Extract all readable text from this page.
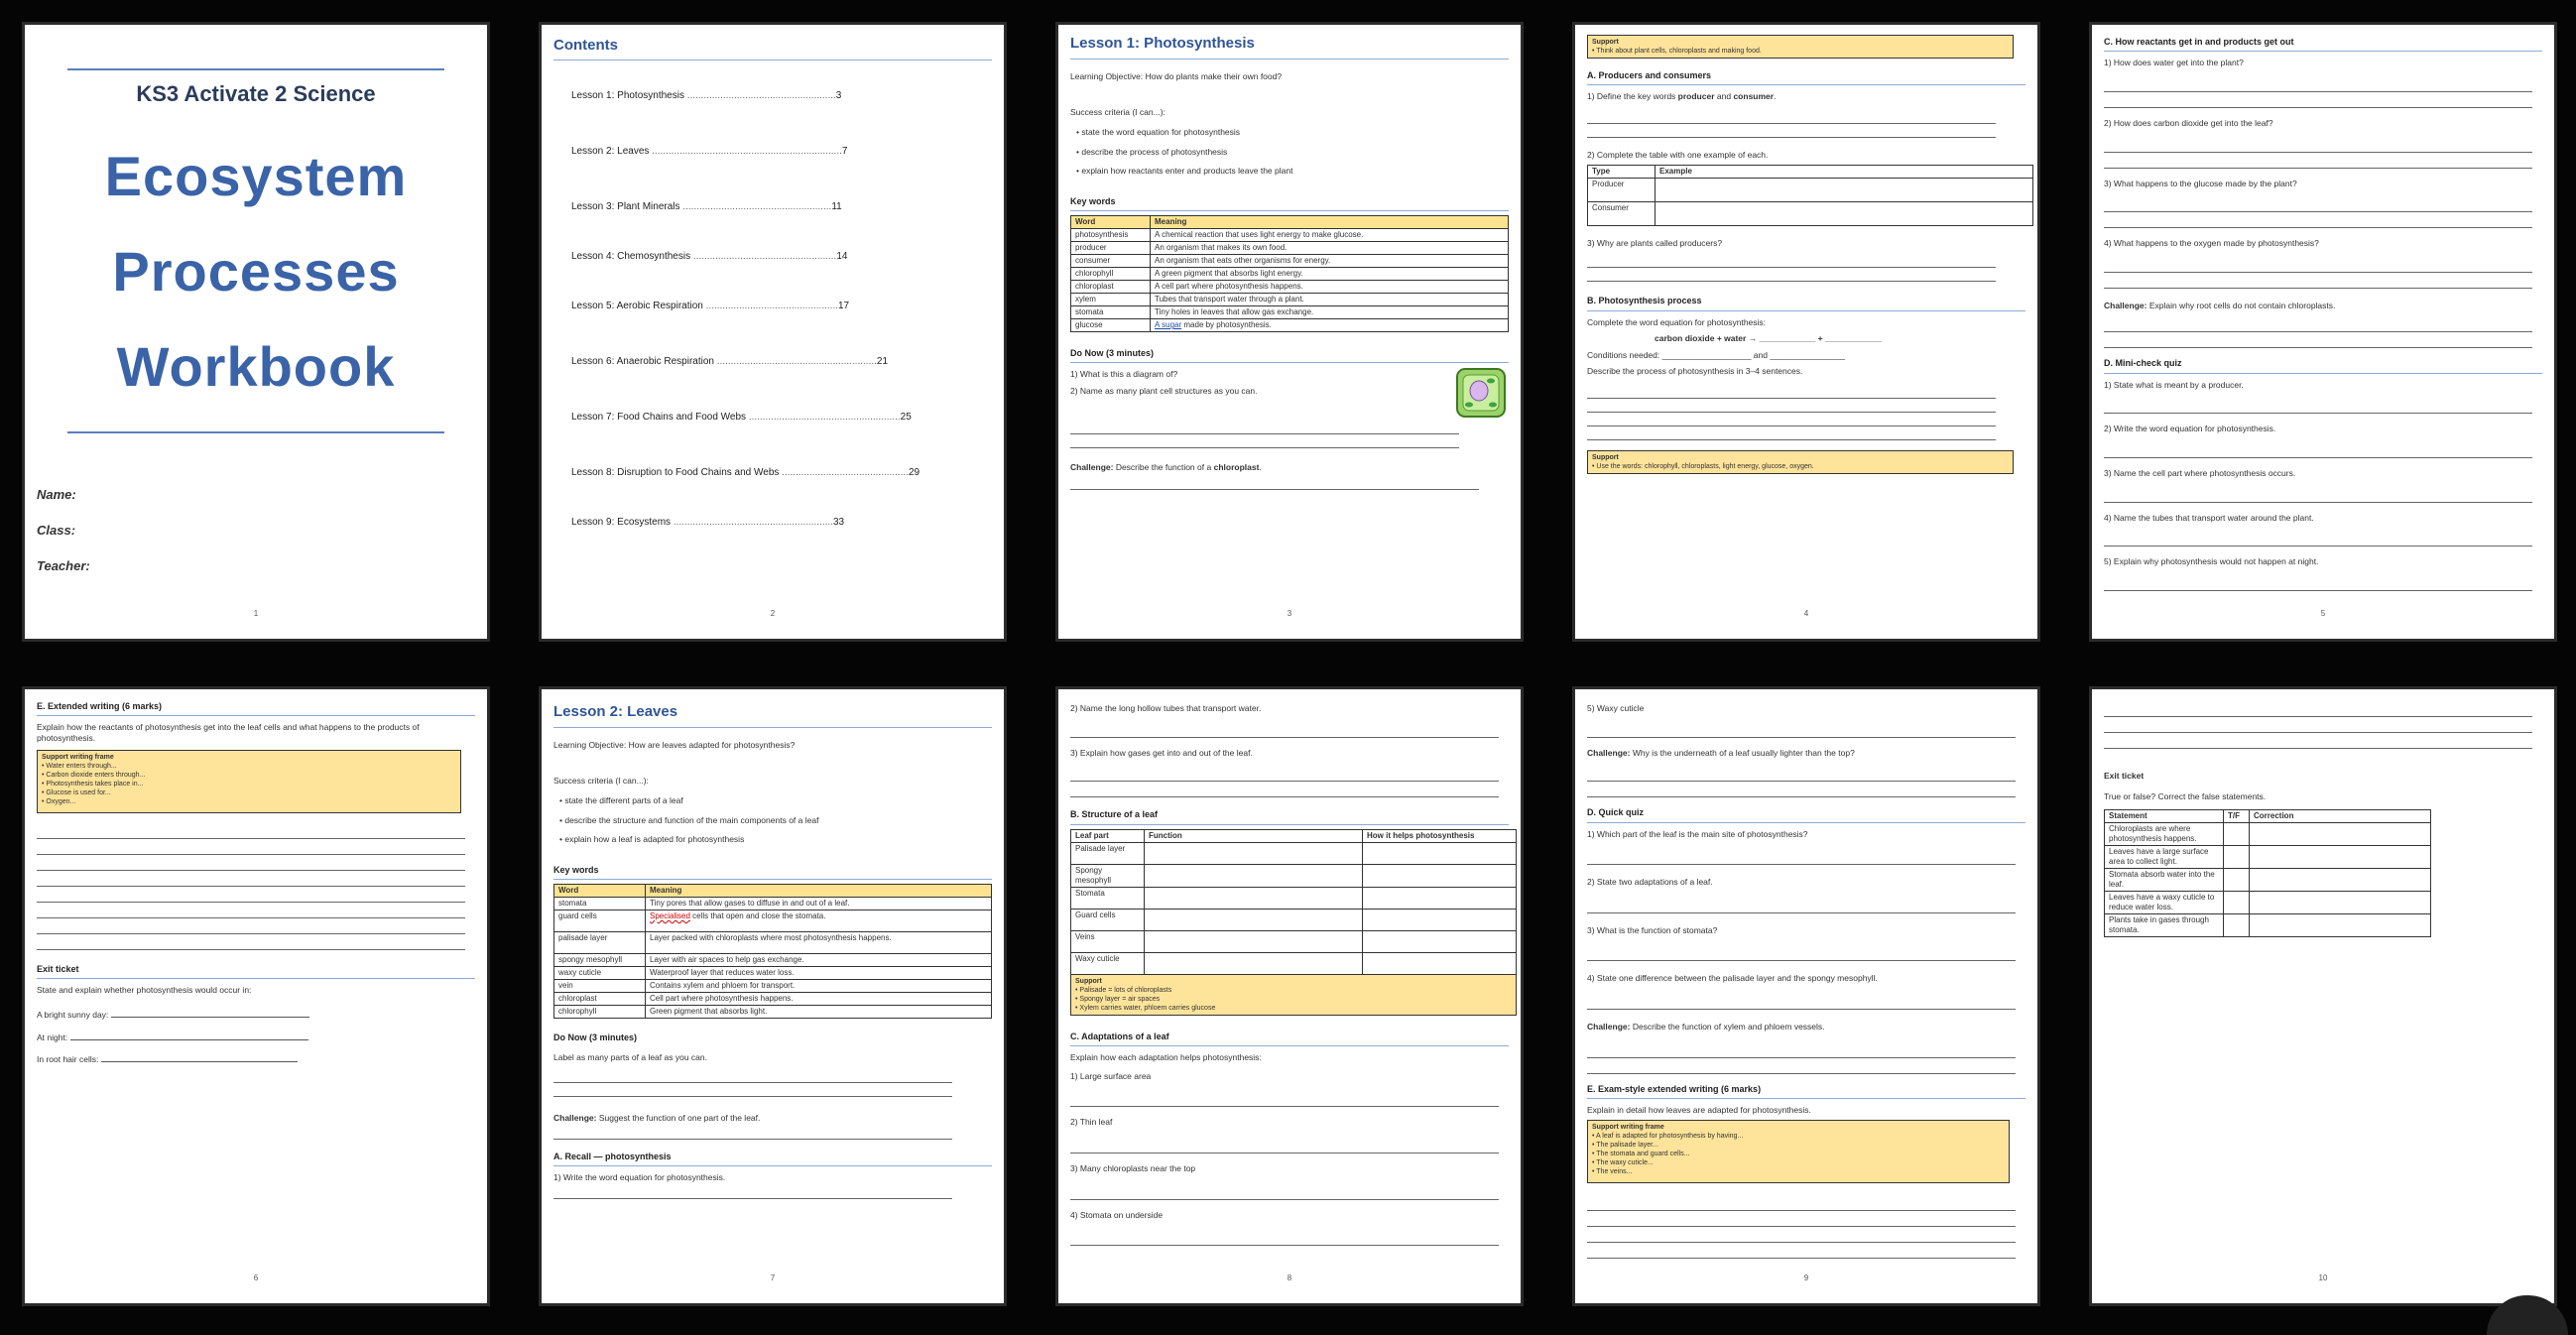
KS3 Activate 2 Science
Ecosystem
Processes
Workbook
Name:
Class:
Teacher:
1
Contents
Lesson 1: Photosynthesis ......................................................3
Lesson 2: Leaves .....................................................................7
Lesson 3: Plant Minerals ......................................................11
Lesson 4: Chemosynthesis ....................................................14
Lesson 5: Aerobic Respiration ................................................17
Lesson 6: Anaerobic Respiration ..........................................................21
Lesson 7: Food Chains and Food Webs .......................................................25
Lesson 8: Disruption to Food Chains and Webs ..............................................29
Lesson 9: Ecosystems ..........................................................33
2
Lesson 1: Photosynthesis
Learning Objective: How do plants make their own food?
Success criteria (I can...):
• state the word equation for photosynthesis
• describe the process of photosynthesis
• explain how reactants enter and products leave the plant
Key words
Word	Meaning
photosynthesis	A chemical reaction that uses light energy to make glucose.
producer	An organism that makes its own food.
consumer	An organism that eats other organisms for energy.
chlorophyll	A green pigment that absorbs light energy.
chloroplast	A cell part where photosynthesis happens.
xylem	Tubes that transport water through a plant.
stomata	Tiny holes in leaves that allow gas exchange.
glucose	A sugar made by photosynthesis.
Do Now (3 minutes)
1) What is this a diagram of?
2) Name as many plant cell structures as you can.
Challenge: Describe the function of a chloroplast.
3
Support
• Think about plant cells, chloroplasts and making food.
A. Producers and consumers
1) Define the key words producer and consumer.
2) Complete the table with one example of each.
Type	Example
Producer	
Consumer	
3) Why are plants called producers?
B. Photosynthesis process
Complete the word equation for photosynthesis:
carbon dioxide + water → ____________ + ____________
Conditions needed: ___________________ and ________________
Describe the process of photosynthesis in 3–4 sentences.
Support
• Use the words: chlorophyll, chloroplasts, light energy, glucose, oxygen.
4
C. How reactants get in and products get out
1) How does water get into the plant?
2) How does carbon dioxide get into the leaf?
3) What happens to the glucose made by the plant?
4) What happens to the oxygen made by photosynthesis?
Challenge: Explain why root cells do not contain chloroplasts.
D. Mini-check quiz
1) State what is meant by a producer.
2) Write the word equation for photosynthesis.
3) Name the cell part where photosynthesis occurs.
4) Name the tubes that transport water around the plant.
5) Explain why photosynthesis would not happen at night.
5
E. Extended writing (6 marks)
Explain how the reactants of photosynthesis get into the leaf cells and what happens to the products of photosynthesis.
Support writing frame
• Water enters through...
• Carbon dioxide enters through...
• Photosynthesis takes place in...
• Glucose is used for...
• Oxygen...
Exit ticket
State and explain whether photosynthesis would occur in:
A bright sunny day:
At night:
In root hair cells:
6
Lesson 2: Leaves
Learning Objective: How are leaves adapted for photosynthesis?
Success criteria (I can...):
• state the different parts of a leaf
• describe the structure and function of the main components of a leaf
• explain how a leaf is adapted for photosynthesis
Key words
Word	Meaning
stomata	Tiny pores that allow gases to diffuse in and out of a leaf.
guard cells	Specialised cells that open and close the stomata.
palisade layer	Layer packed with chloroplasts where most photosynthesis happens.
spongy mesophyll	Layer with air spaces to help gas exchange.
waxy cuticle	Waterproof layer that reduces water loss.
vein	Contains xylem and phloem for transport.
chloroplast	Cell part where photosynthesis happens.
chlorophyll	Green pigment that absorbs light.
Do Now (3 minutes)
Label as many parts of a leaf as you can.
Challenge: Suggest the function of one part of the leaf.
A. Recall — photosynthesis
1) Write the word equation for photosynthesis.
7
2) Name the long hollow tubes that transport water.
3) Explain how gases get into and out of the leaf.
B. Structure of a leaf
Leaf part	Function	How it helps photosynthesis
Palisade layer		
Spongy mesophyll		
Stomata		
Guard cells		
Veins		
Waxy cuticle		
Support
• Palisade = lots of chloroplasts
• Spongy layer = air spaces
• Xylem carries water, phloem carries glucose
C. Adaptations of a leaf
Explain how each adaptation helps photosynthesis:
1) Large surface area
2) Thin leaf
3) Many chloroplasts near the top
4) Stomata on underside
8
5) Waxy cuticle
Challenge: Why is the underneath of a leaf usually lighter than the top?
D. Quick quiz
1) Which part of the leaf is the main site of photosynthesis?
2) State two adaptations of a leaf.
3) What is the function of stomata?
4) State one difference between the palisade layer and the spongy mesophyll.
Challenge: Describe the function of xylem and phloem vessels.
E. Exam-style extended writing (6 marks)
Explain in detail how leaves are adapted for photosynthesis.
Support writing frame
• A leaf is adapted for photosynthesis by having...
• The palisade layer...
• The stomata and guard cells...
• The waxy cuticle...
• The veins...
9
Exit ticket
True or false? Correct the false statements.
Statement	T/F	Correction
Chloroplasts are where photosynthesis happens.		
Leaves have a large surface area to collect light.		
Stomata absorb water into the leaf.		
Leaves have a waxy cuticle to reduce water loss.		
Plants take in gases through stomata.		
10
